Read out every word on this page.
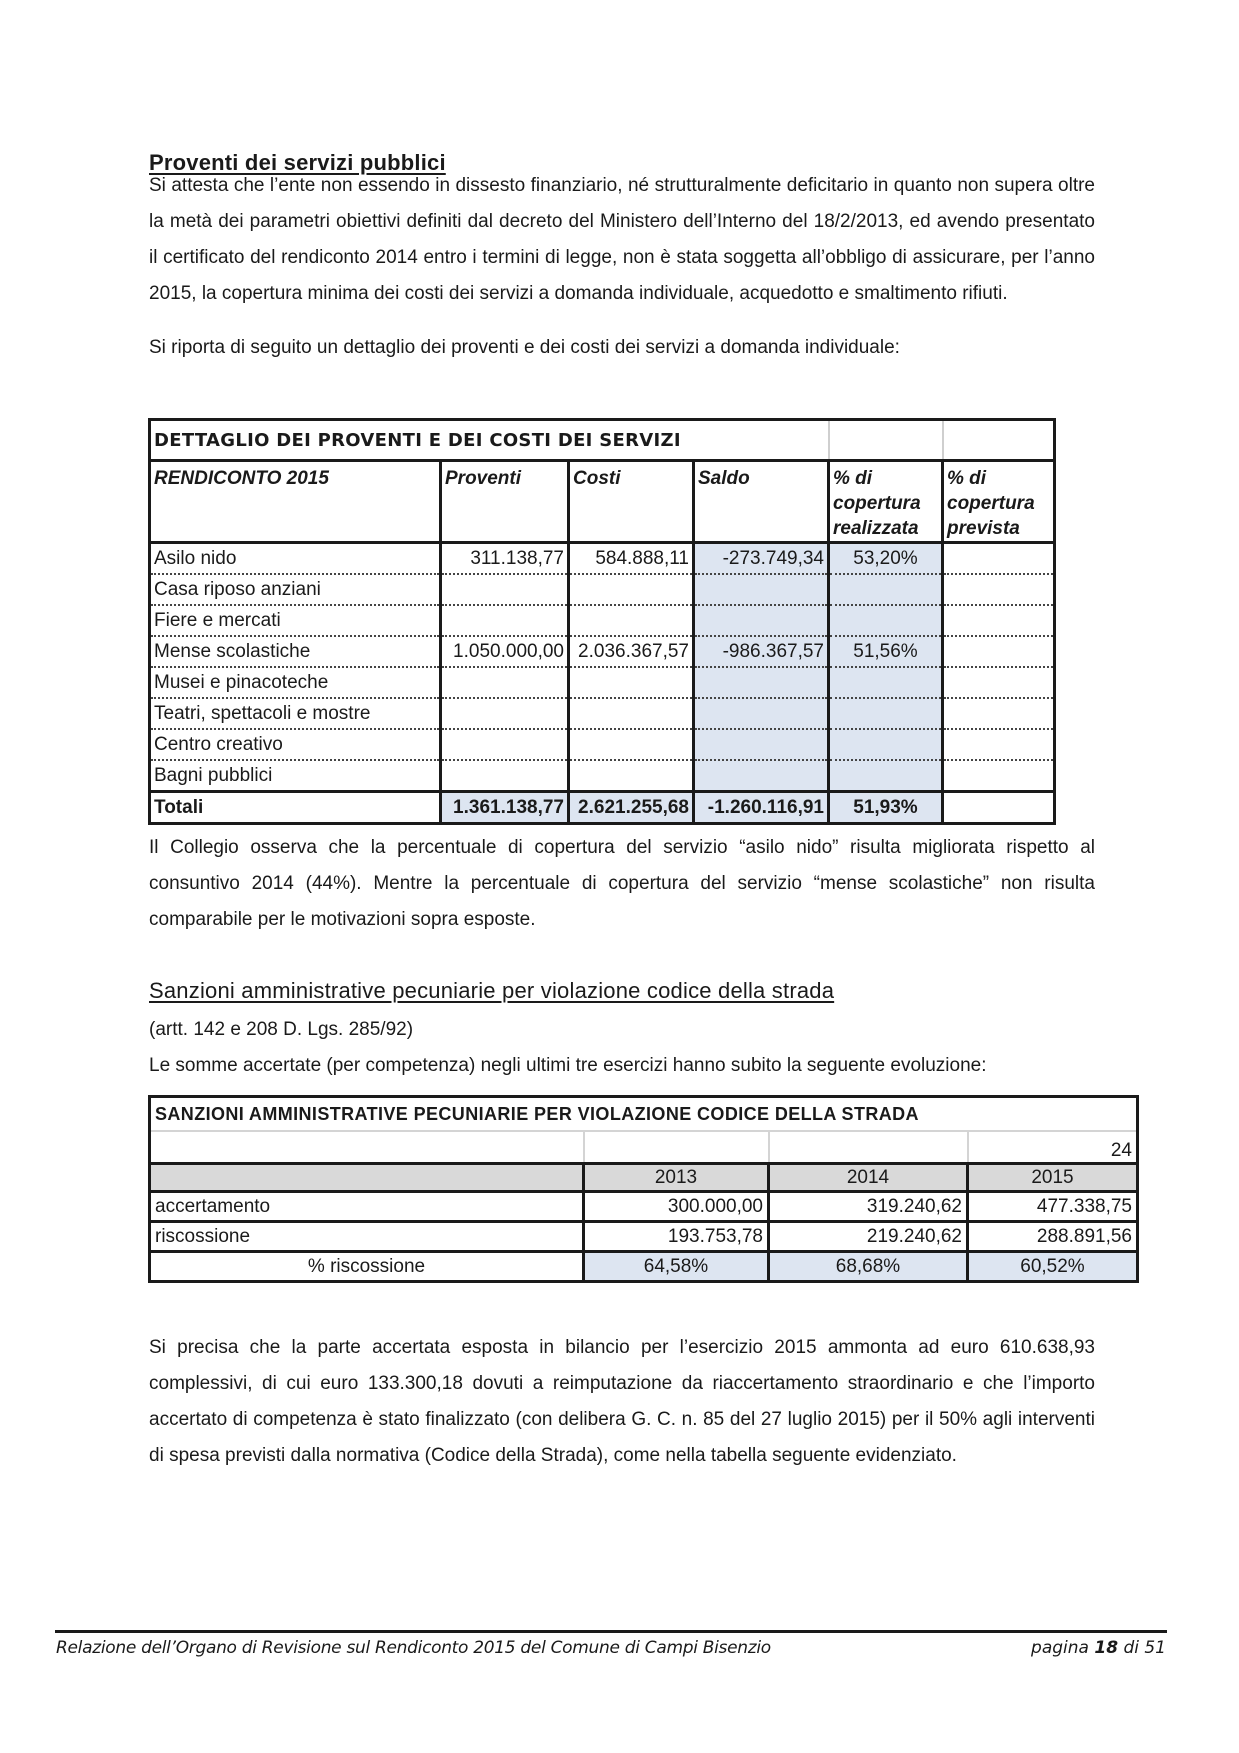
Proventi dei servizi pubblici

Si attesta che l’ente non essendo in dissesto finanziario, né strutturalmente deficitario in quanto non supera oltre la metà dei parametri obiettivi definiti dal decreto del Ministero dell’Interno del 18/2/2013, ed avendo presentato il certificato del rendiconto 2014 entro i termini di legge, non è stata soggetta all’obbligo di assicurare, per l’anno 2015, la copertura minima dei costi dei servizi a domanda individuale, acquedotto e smaltimento rifiuti.

Si riporta di seguito un dettaglio dei proventi e dei costi dei servizi a domanda individuale:

DETTAGLIO DEI PROVENTI E DEI COSTI DEI SERVIZI					
RENDICONTO 2015	Proventi	Costi	Saldo	% di copertura realizzata	% di copertura prevista
Asilo nido	311.138,77	584.888,11	-273.749,34	53,20%	
Casa riposo anziani					
Fiere e mercati					
Mense scolastiche	1.050.000,00	2.036.367,57	-986.367,57	51,56%	
Musei e pinacoteche					
Teatri, spettacoli e mostre					
Centro creativo					
Bagni pubblici					
Totali	1.361.138,77	2.621.255,68	-1.260.116,91	51,93%	

Il Collegio osserva che la percentuale di copertura del servizio “asilo nido” risulta migliorata rispetto al consuntivo 2014 (44%). Mentre la percentuale di copertura del servizio “mense scolastiche” non risulta comparabile per le motivazioni sopra esposte.

Sanzioni amministrative pecuniarie per violazione codice della strada

(artt. 142 e 208 D. Lgs. 285/92)

Le somme accertate (per competenza) negli ultimi tre esercizi hanno subito la seguente evoluzione:

SANZIONI AMMINISTRATIVE PECUNIARIE PER VIOLAZIONE CODICE DELLA STRADA			
			24
	2013	2014	2015
accertamento	300.000,00	319.240,62	477.338,75
riscossione	193.753,78	219.240,62	288.891,56
% riscossione	64,58%	68,68%	60,52%

Si precisa che la parte accertata esposta in bilancio per l’esercizio 2015 ammonta ad euro 610.638,93 complessivi, di cui euro 133.300,18 dovuti a reimputazione da riaccertamento straordinario e che l’importo accertato di competenza è stato finalizzato (con delibera G. C. n. 85 del 27 luglio 2015) per il 50% agli interventi di spesa previsti dalla normativa (Codice della Strada), come nella tabella seguente evidenziato.

Relazione dell’Organo di Revisione sul Rendiconto 2015 del Comune di Campi Bisenzio	pagina 18 di 51
